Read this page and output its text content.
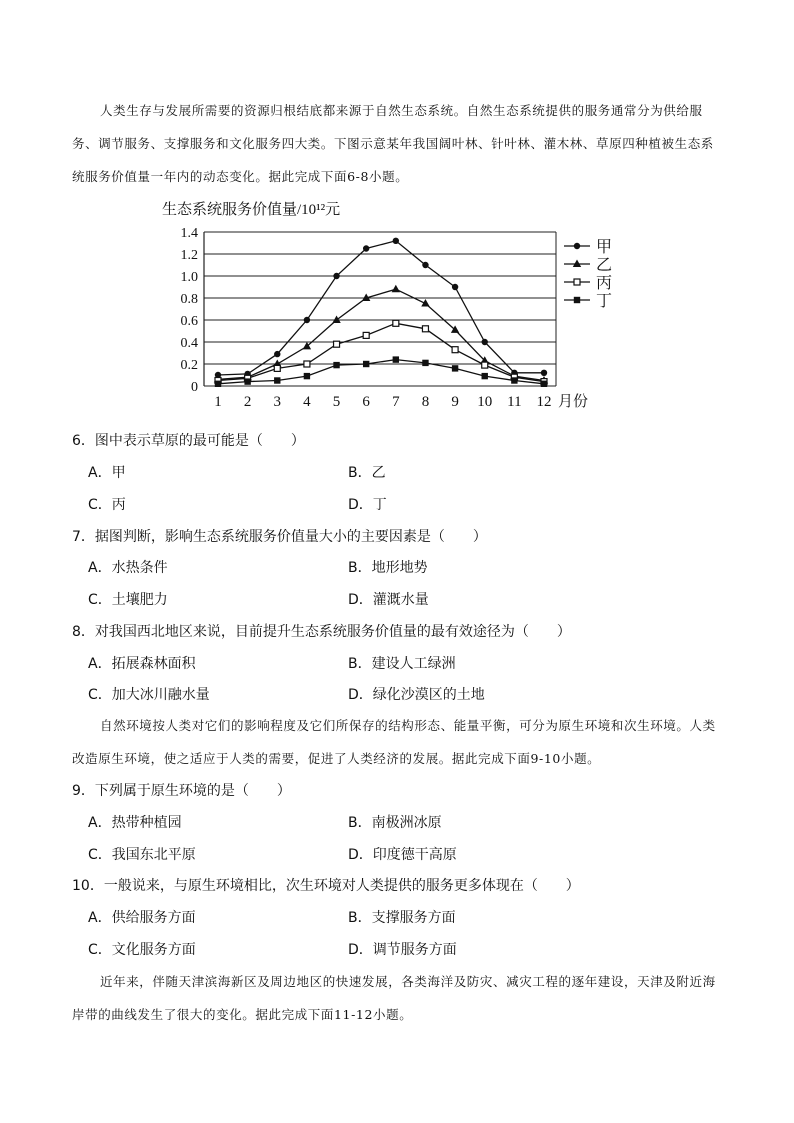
人类生存与发展所需要的资源归根结底都来源于自然生态系统。自然生态系统提供的服务通常分为供给服务、调节服务、支撑服务和文化服务四大类。下图示意某年我国阔叶林、针叶林、灌木林、草原四种植被生态系统服务价值量一年内的动态变化。据此完成下面6-8小题。
生态系统服务价值量/10¹²元
0
0.2
0.4
0.6
0.8
1.0
1.2
1.4
1 2 3 4 5 6 7 8 9 10 11 12 月份
甲
乙
丙
丁
6．图中表示草原的最可能是（　　）
A．甲	B．乙
C．丙	D．丁
7．据图判断，影响生态系统服务价值量大小的主要因素是（　　）
A．水热条件	B．地形地势
C．土壤肥力	D．灌溉水量
8．对我国西北地区来说，目前提升生态系统服务价值量的最有效途径为（　　）
A．拓展森林面积	B．建设人工绿洲
C．加大冰川融水量	D．绿化沙漠区的土地
自然环境按人类对它们的影响程度及它们所保存的结构形态、能量平衡，可分为原生环境和次生环境。人类改造原生环境，使之适应于人类的需要，促进了人类经济的发展。据此完成下面9-10小题。
9．下列属于原生环境的是（　　）
A．热带种植园	B．南极洲冰原
C．我国东北平原	D．印度德干高原
10．一般说来，与原生环境相比，次生环境对人类提供的服务更多体现在（　　）
A．供给服务方面	B．支撑服务方面
C．文化服务方面	D．调节服务方面
近年来，伴随天津滨海新区及周边地区的快速发展，各类海洋及防灾、减灾工程的逐年建设，天津及附近海岸带的曲线发生了很大的变化。据此完成下面11-12小题。
